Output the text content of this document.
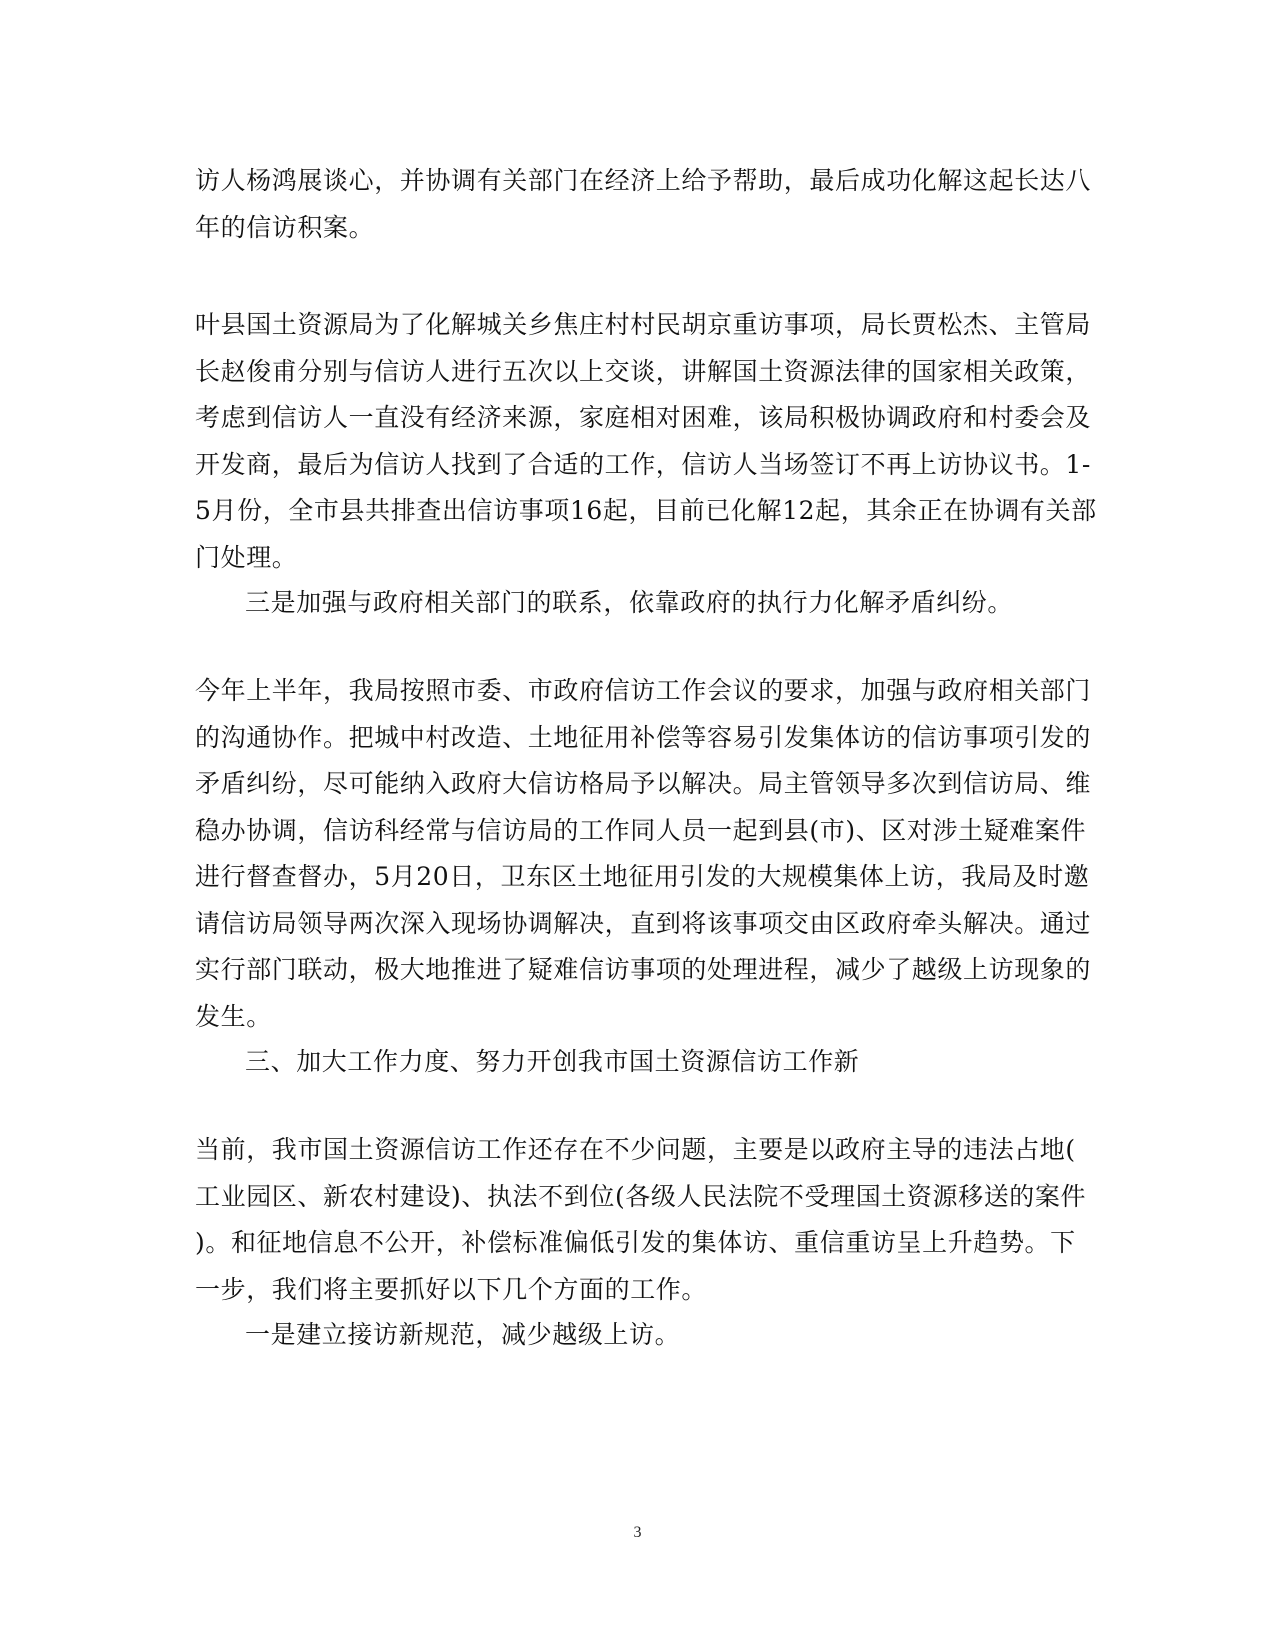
访人杨鸿展谈心，并协调有关部门在经济上给予帮助，最后成功化解这起长达八
年的信访积案。

叶县国土资源局为了化解城关乡焦庄村村民胡京重访事项，局长贾松杰、主管局
长赵俊甫分别与信访人进行五次以上交谈，讲解国土资源法律的国家相关政策，
考虑到信访人一直没有经济来源，家庭相对困难，该局积极协调政府和村委会及
开发商，最后为信访人找到了合适的工作，信访人当场签订不再上访协议书。1-
5月份，全市县共排查出信访事项16起，目前已化解12起，其余正在协调有关部
门处理。

三是加强与政府相关部门的联系，依靠政府的执行力化解矛盾纠纷。

今年上半年，我局按照市委、市政府信访工作会议的要求，加强与政府相关部门
的沟通协作。把城中村改造、土地征用补偿等容易引发集体访的信访事项引发的
矛盾纠纷，尽可能纳入政府大信访格局予以解决。局主管领导多次到信访局、维
稳办协调，信访科经常与信访局的工作同人员一起到县(市)、区对涉土疑难案件
进行督查督办，5月20日，卫东区土地征用引发的大规模集体上访，我局及时邀
请信访局领导两次深入现场协调解决，直到将该事项交由区政府牵头解决。通过
实行部门联动，极大地推进了疑难信访事项的处理进程，减少了越级上访现象的
发生。

三、加大工作力度、努力开创我市国土资源信访工作新

当前，我市国土资源信访工作还存在不少问题，主要是以政府主导的违法占地(
工业园区、新农村建设)、执法不到位(各级人民法院不受理国土资源移送的案件
)。和征地信息不公开，补偿标准偏低引发的集体访、重信重访呈上升趋势。下
一步，我们将主要抓好以下几个方面的工作。

一是建立接访新规范，减少越级上访。

3
